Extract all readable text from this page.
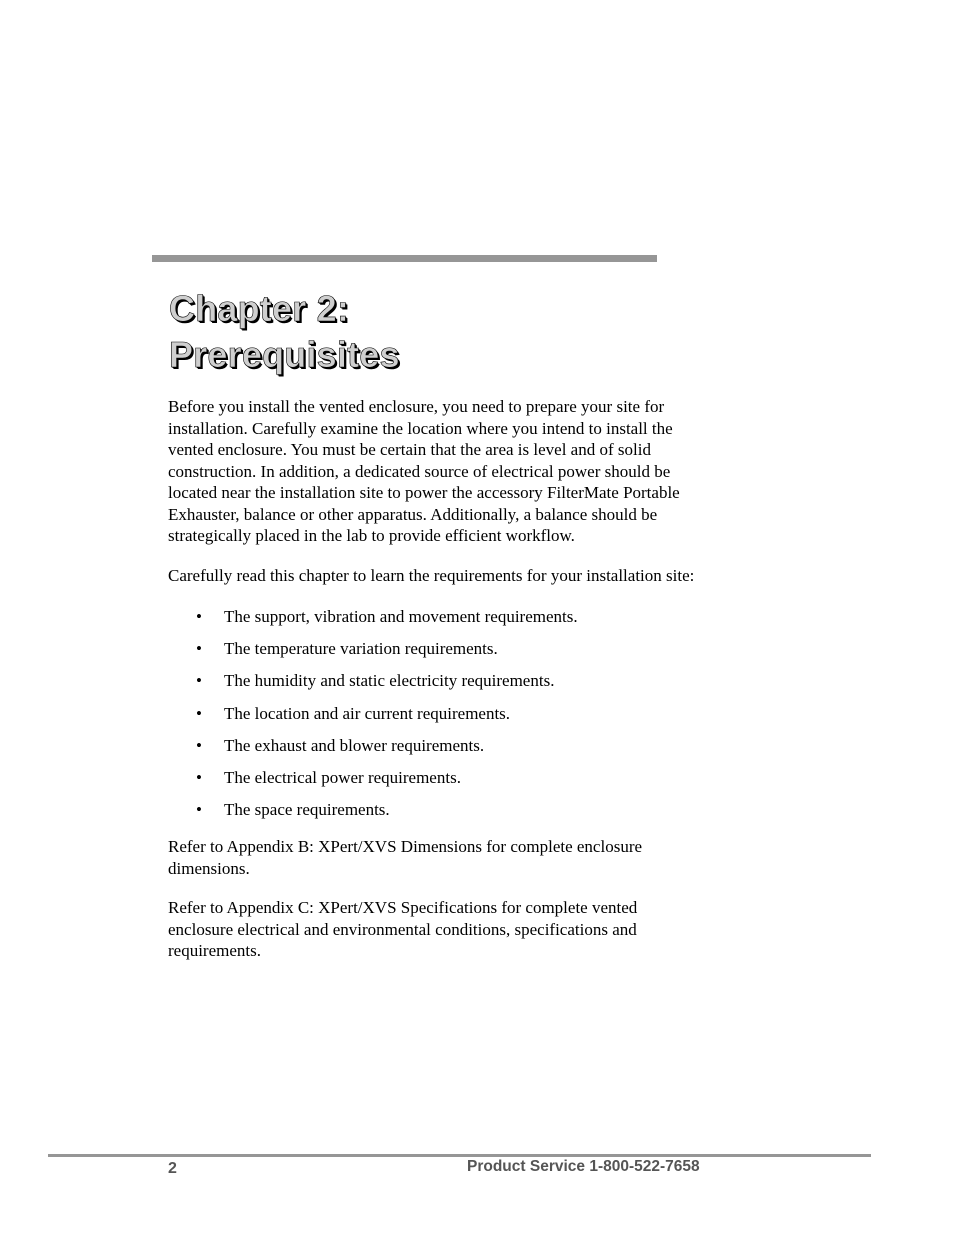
Chapter 2:
Prerequisites

Before you install the vented enclosure, you need to prepare your site for
installation. Carefully examine the location where you intend to install the
vented enclosure. You must be certain that the area is level and of solid
construction. In addition, a dedicated source of electrical power should be
located near the installation site to power the accessory FilterMate Portable
Exhauster, balance or other apparatus. Additionally, a balance should be
strategically placed in the lab to provide efficient workflow.

Carefully read this chapter to learn the requirements for your installation site:

• The support, vibration and movement requirements.
• The temperature variation requirements.
• The humidity and static electricity requirements.
• The location and air current requirements.
• The exhaust and blower requirements.
• The electrical power requirements.
• The space requirements.

Refer to Appendix B: XPert/XVS Dimensions for complete enclosure
dimensions.

Refer to Appendix C: XPert/XVS Specifications for complete vented
enclosure electrical and environmental conditions, specifications and
requirements.

2	Product Service 1-800-522-7658
